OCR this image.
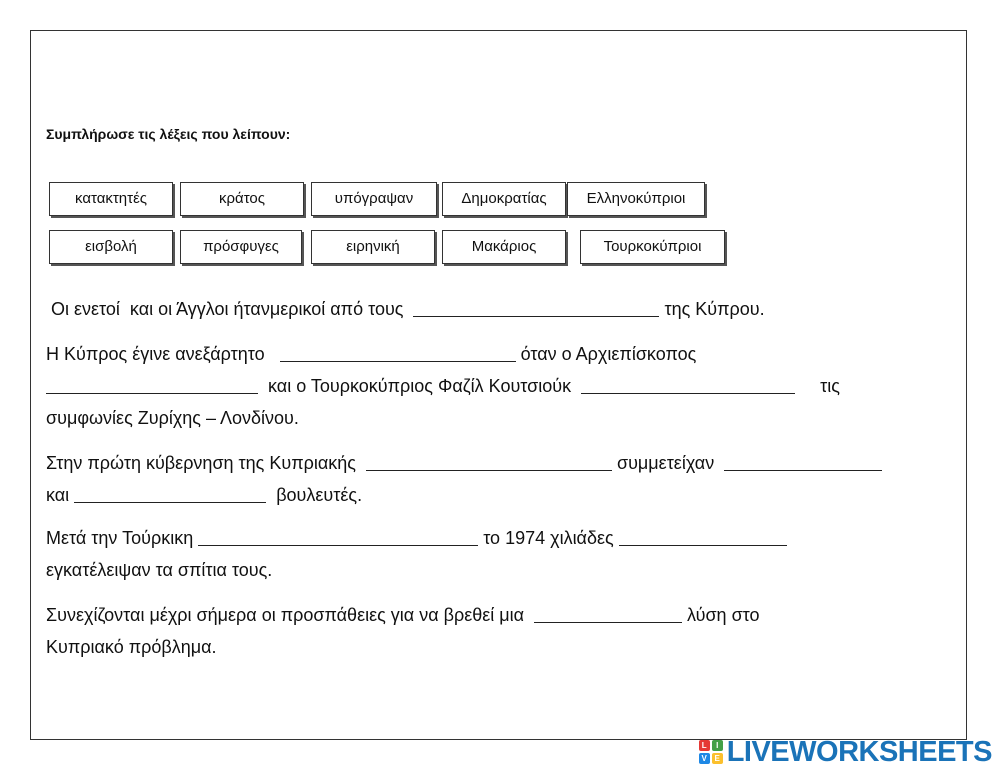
Συμπλήρωσε τις λέξεις που λείπουν:
κατακτητές	κράτος	υπόγραψαν	Δημοκρατίας	Ελληνοκύπριοι
εισβολή	πρόσφυγες	ειρηνική	Μακάριος	Τουρκοκύπριοι
Οι ενετοί  και οι Άγγλοι ήτανμερικοί από τους	της Κύπρου.
Η Κύπρος έγινε ανεξάρτητο	όταν ο Αρχιεπίσκοπος
και ο Τουρκοκύπριος Φαζίλ Κουτσιούκ	τις
συμφωνίες Ζυρίχης – Λονδίνου.
Στην πρώτη κύβερνηση της Κυπριακής	συμμετείχαν
και	βουλευτές.
Μετά την Τούρκικη	το 1974 χιλιάδες
εγκατέλειψαν τα σπίτια τους.
Συνεχίζονται μέχρι σήμερα οι προσπάθειες για να βρεθεί μια	λύση στο
Κυπριακό πρόβλημα.
L	I
V E LIVEWORKSHEETS
